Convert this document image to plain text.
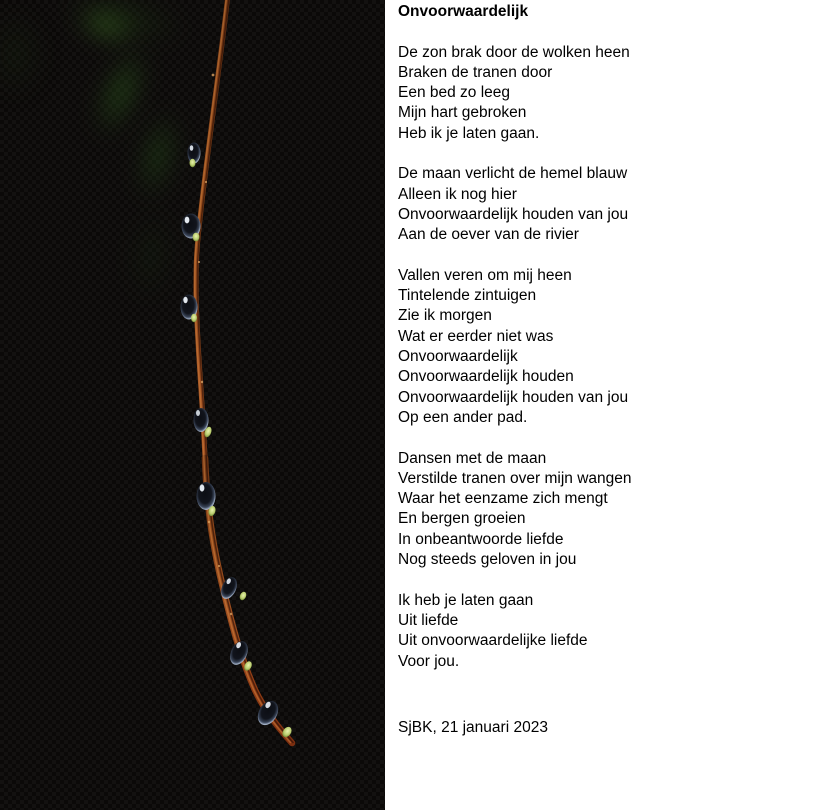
Onvoorwaardelijk
De zon brak door de wolken heen
Braken de tranen door
Een bed zo leeg
Mijn hart gebroken
Heb ik je laten gaan.
De maan verlicht de hemel blauw
Alleen ik nog hier
Onvoorwaardelijk houden van jou
Aan de oever van de rivier
Vallen veren om mij heen
Tintelende zintuigen
Zie ik morgen
Wat er eerder niet was
Onvoorwaardelijk
Onvoorwaardelijk houden
Onvoorwaardelijk houden van jou
Op een ander pad.
Dansen met de maan
Verstilde tranen over mijn wangen
Waar het eenzame zich mengt
En bergen groeien
In onbeantwoorde liefde
Nog steeds geloven in jou
Ik heb je laten gaan
Uit liefde
Uit onvoorwaardelijke liefde
Voor jou.
SjBK, 21 januari 2023
